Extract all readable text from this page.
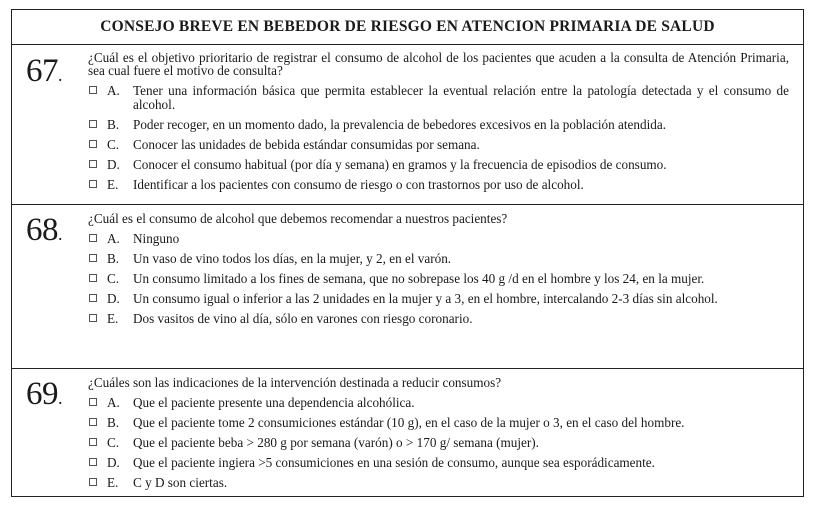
CONSEJO BREVE EN BEBEDOR DE RIESGO EN ATENCION PRIMARIA DE SALUD
67.
¿Cuál es el objetivo prioritario de registrar el consumo de alcohol de los pacientes que acuden a la consulta de Atención Primaria, sea cual fuere el motivo de consulta?
A. Tener una información básica que permita establecer la eventual relación entre la patología detectada y el consumo de alcohol.
B.	Poder recoger, en un momento dado, la prevalencia de bebedores excesivos en la población atendida.
C.	Conocer las unidades de bebida estándar consumidas por semana.
D. Conocer el consumo habitual (por día y semana) en gramos y la frecuencia de episodios de consumo.
E.	Identificar a los pacientes con consumo de riesgo o con trastornos por uso de alcohol.
68.
¿Cuál es el consumo de alcohol que debemos recomendar a nuestros pacientes?
A. Ninguno
B.	Un vaso de vino todos los días, en la mujer, y 2, en el varón.
C.	Un consumo limitado a los fines de semana, que no sobrepase los 40 g /d en el hombre y los 24, en la mujer.
D. Un consumo igual o inferior a las 2 unidades en la mujer y a 3, en el hombre, intercalando 2-3 días sin alcohol.
E.	Dos vasitos de vino al día, sólo en varones con riesgo coronario.
69.
¿Cuáles son las indicaciones de la intervención destinada a reducir consumos?
A. Que el paciente presente una dependencia alcohólica.
B.	Que el paciente tome 2 consumiciones estándar (10 g), en el caso de la mujer o 3, en el caso del hombre.
C.	Que el paciente beba > 280 g por semana (varón) o > 170 g/ semana (mujer).
D. Que el paciente ingiera >5 consumiciones en una sesión de consumo, aunque sea esporádicamente.
E.	C y D son ciertas.
